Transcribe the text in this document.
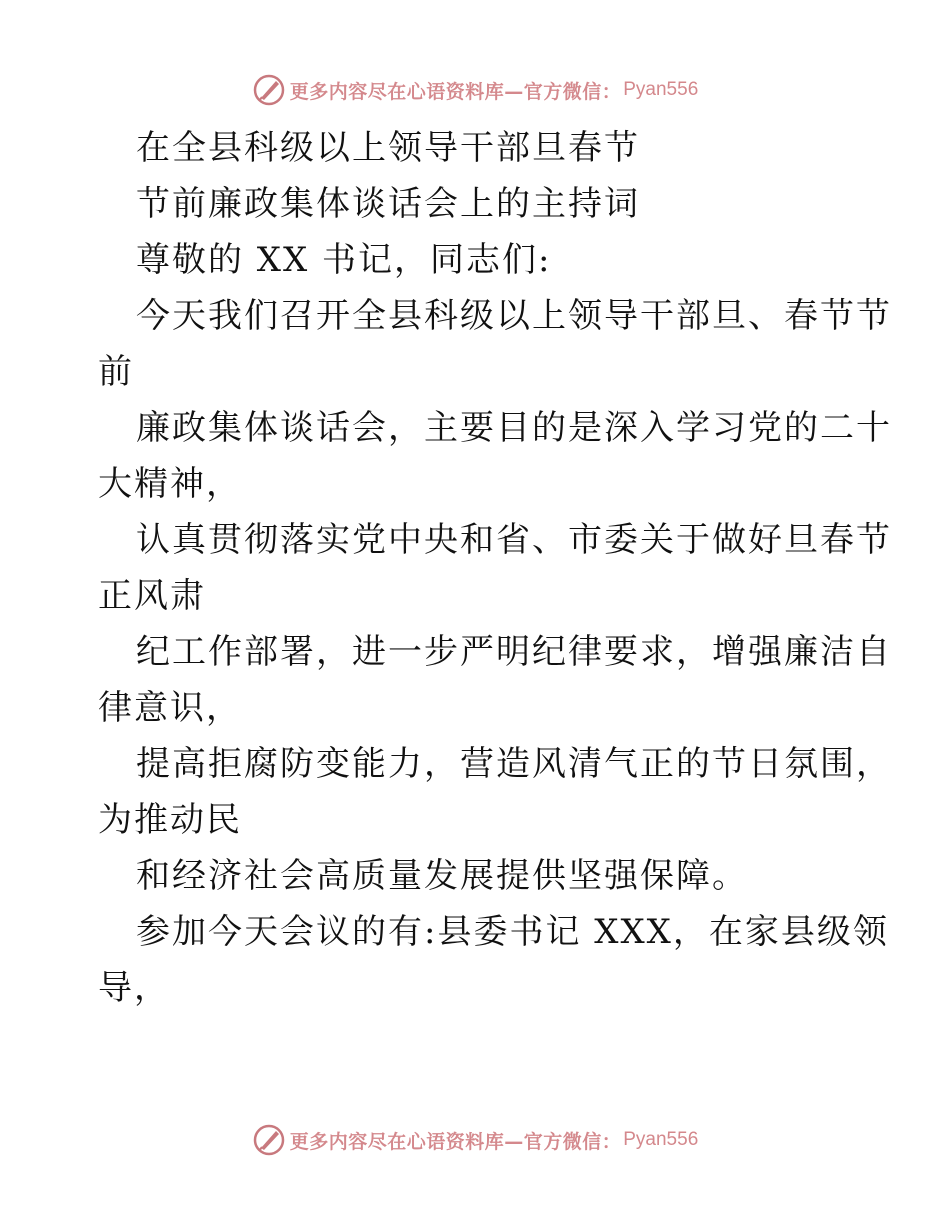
更多内容尽在心语资料库—官方微信： Pyan556
在全县科级以上领导干部旦春节
节前廉政集体谈话会上的主持词
尊敬的 XX 书记，同志们:
今天我们召开全县科级以上领导干部旦、春节节
前
廉政集体谈话会，主要目的是深入学习党的二十
大精神，
认真贯彻落实党中央和省、市委关于做好旦春节
正风肃
纪工作部署，进一步严明纪律要求，增强廉洁自
律意识，
提高拒腐防变能力，营造风清气正的节日氛围，
为推动民
和经济社会高质量发展提供坚强保障。
参加今天会议的有:县委书记 XXX，在家县级领
导，
更多内容尽在心语资料库—官方微信： Pyan556
